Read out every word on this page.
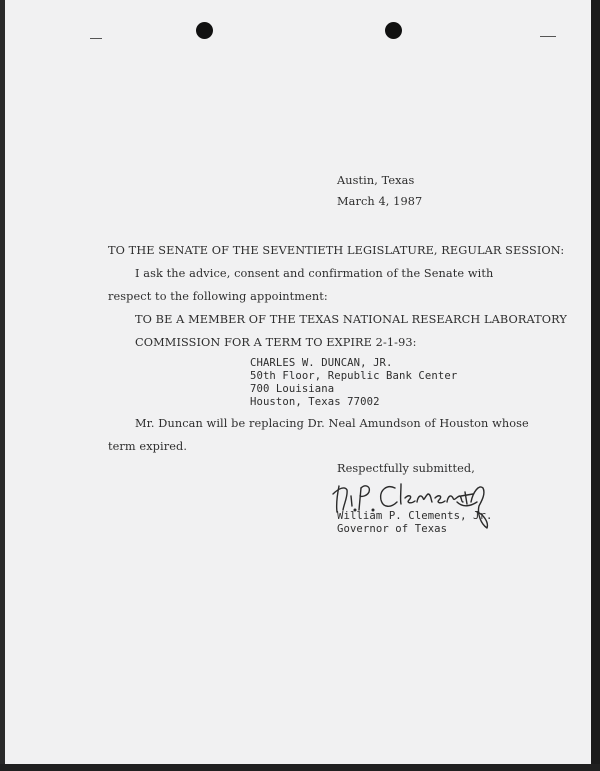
Austin, Texas

March 4, 1987

TO THE SENATE OF THE SEVENTIETH LEGISLATURE, REGULAR SESSION:

I ask the advice, consent and confirmation of the Senate with

respect to the following appointment:

TO BE A MEMBER OF THE TEXAS NATIONAL RESEARCH LABORATORY

COMMISSION FOR A TERM TO EXPIRE 2-1-93:

CHARLES W. DUNCAN, JR.

50th Floor, Republic Bank Center

700 Louisiana

Houston, Texas 77002

Mr. Duncan will be replacing Dr. Neal Amundson of Houston whose

term expired.

Respectfully submitted,

William P. Clements, Jr.

Governor of Texas
